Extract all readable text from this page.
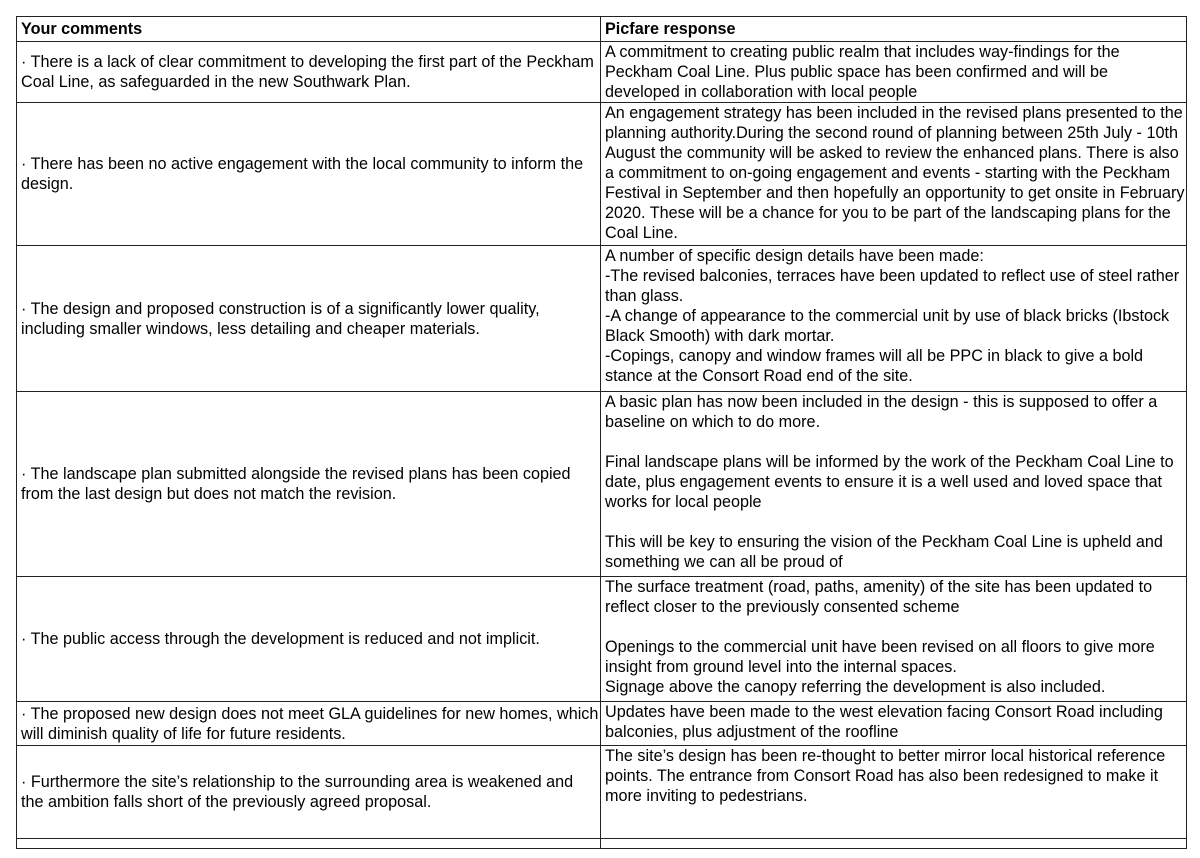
Your comments	Picfare response
· There is a lack of clear commitment to developing the first part of the Peckham Coal Line, as safeguarded in the new Southwark Plan.	A commitment to creating public realm that includes way-findings for the Peckham Coal Line. Plus public space has been confirmed and will be developed in collaboration with local people

· There has been no active engagement with the local community to inform the design.	An engagement strategy has been included in the revised plans presented to the planning authority.During the second round of planning between 25th July - 10th August the community will be asked to review the enhanced plans. There is also a commitment to on-going engagement and events - starting with the Peckham Festival in September and then hopefully an opportunity to get onsite in February 2020. These will be a chance for you to be part of the landscaping plans for the Coal Line.

· The design and proposed construction is of a significantly lower quality, including smaller windows, less detailing and cheaper materials.	A number of specific design details have been made:
-The revised balconies, terraces have been updated to reflect use of steel rather than glass.
-A change of appearance to the commercial unit by use of black bricks (Ibstock Black Smooth) with dark mortar.
-Copings, canopy and window frames will all be PPC in black to give a bold stance at the Consort Road end of the site.

· The landscape plan submitted alongside the revised plans has been copied from the last design but does not match the revision.	A basic plan has now been included in the design - this is supposed to offer a baseline on which to do more.
Final landscape plans will be informed by the work of the Peckham Coal Line to date, plus engagement events to ensure it is a well used and loved space that works for local people
This will be key to ensuring the vision of the Peckham Coal Line is upheld and something we can all be proud of

· The public access through the development is reduced and not implicit.	The surface treatment (road, paths, amenity) of the site has been updated to reflect closer to the previously consented scheme
Openings to the commercial unit have been revised on all floors to give more insight from ground level into the internal spaces.
Signage above the canopy referring the development is also included.

· The proposed new design does not meet GLA guidelines for new homes, which will diminish quality of life for future residents.	Updates have been made to the west elevation facing Consort Road including balconies, plus adjustment of the roofline

· Furthermore the site’s relationship to the surrounding area is weakened and the ambition falls short of the previously agreed proposal.	The site’s design has been re-thought to better mirror local historical reference points. The entrance from Consort Road has also been redesigned to make it more inviting to pedestrians.
